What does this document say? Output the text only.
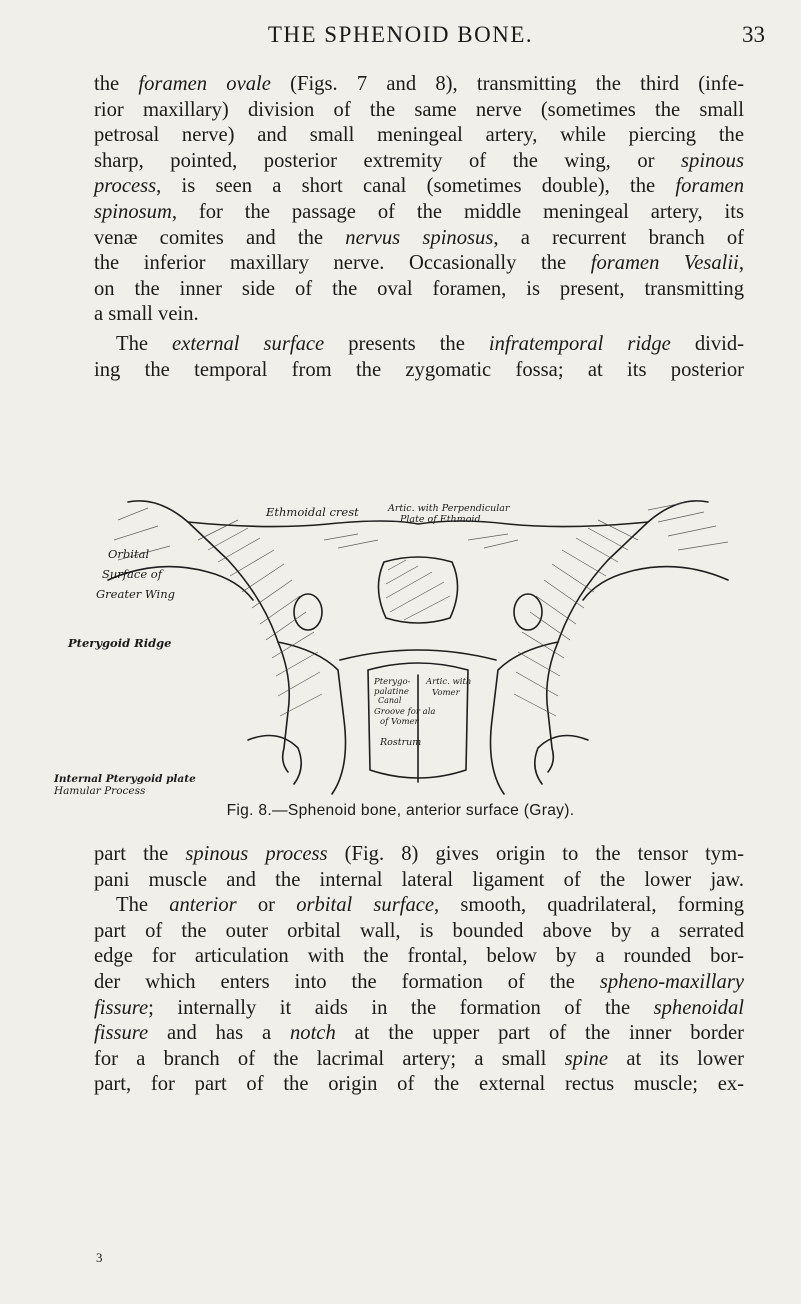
THE SPHENOID BONE.	33
the foramen ovale (Figs. 7 and 8), transmitting the third (infe-
rior maxillary) division of the same nerve (sometimes the small
petrosal nerve) and small meningeal artery, while piercing the
sharp, pointed, posterior extremity of the wing, or spinous
process, is seen a short canal (sometimes double), the foramen
spinosum, for the passage of the middle meningeal artery, its
venæ comites and the nervus spinosus, a recurrent branch of
the inferior maxillary nerve. Occasionally the foramen Vesalii,
on the inner side of the oval foramen, is present, transmitting
a small vein.
The external surface presents the infratemporal ridge divid-
ing the temporal from the zygomatic fossa; at its posterior
Ethmoidal crest	Artic. with Perpendicular
Plate of Ethmoid
Orbital
Surface of
Greater Wing
Pterygoid Ridge
Pterygo-
palatine
Canal
Artic. with
Vomer
Groove for ala
of Vomer
Rostrum
Internal Pterygoid plate
Hamular Process
Fig. 8.—Sphenoid bone, anterior surface (Gray).
part the spinous process (Fig. 8) gives origin to the tensor tym-
pani muscle and the internal lateral ligament of the lower jaw.
The anterior or orbital surface, smooth, quadrilateral, forming
part of the outer orbital wall, is bounded above by a serrated
edge for articulation with the frontal, below by a rounded bor-
der which enters into the formation of the spheno-maxillary
fissure; internally it aids in the formation of the sphenoidal
fissure and has a notch at the upper part of the inner border
for a branch of the lacrimal artery; a small spine at its lower
part, for part of the origin of the external rectus muscle; ex-
3
